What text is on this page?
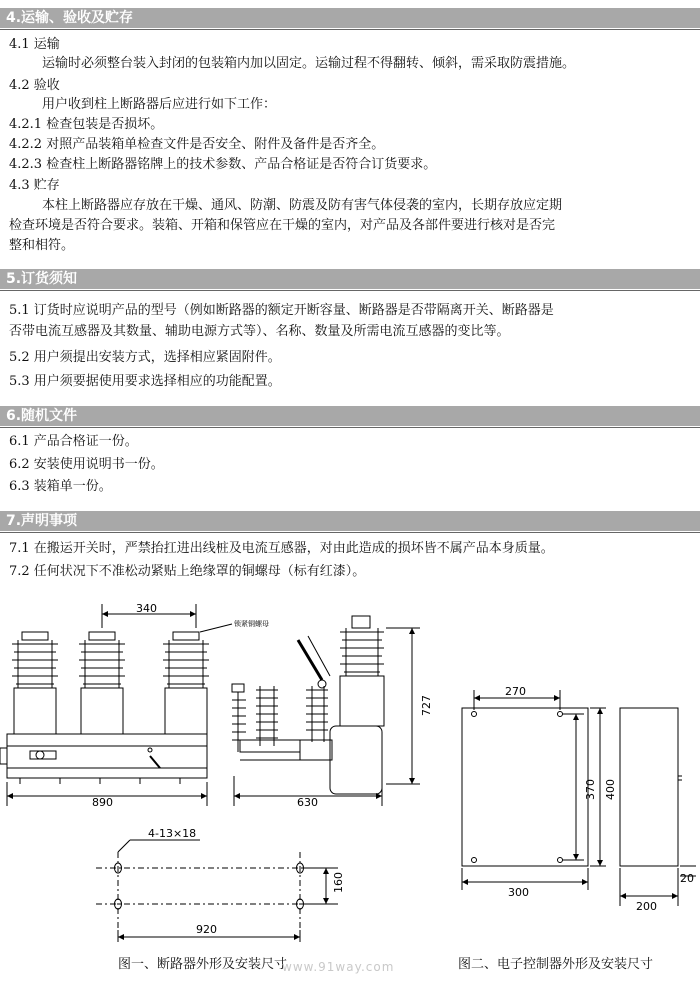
4.运输、验收及贮存
4.1 运输
运输时必须整台装入封闭的包装箱内加以固定。运输过程不得翻转、倾斜，需采取防震措施。
4.2 验收
用户收到柱上断路器后应进行如下工作：
4.2.1 检查包装是否损坏。
4.2.2 对照产品装箱单检查文件是否安全、附件及备件是否齐全。
4.2.3 检查柱上断路器铭牌上的技术参数、产品合格证是否符合订货要求。
4.3 贮存
本柱上断路器应存放在干燥、通风、防潮、防震及防有害气体侵袭的室内，长期存放应定期
检查环境是否符合要求。装箱、开箱和保管应在干燥的室内，对产品及各部件要进行核对是否完
整和相符。
5.订货须知
5.1 订货时应说明产品的型号（例如断路器的额定开断容量、断路器是否带隔离开关、断路器是
否带电流互感器及其数量、辅助电源方式等）、名称、数量及所需电流互感器的变比等。
5.2 用户须提出安装方式，选择相应紧固附件。
5.3 用户须要据使用要求选择相应的功能配置。
6.随机文件
6.1 产品合格证一份。
6.2 安装使用说明书一份。
6.3 装箱单一份。
7.声明事项
7.1 在搬运开关时，严禁抬扛进出线桩及电流互感器，对由此造成的损坏皆不属产品本身质量。
7.2 任何状况下不准松动紧贴上绝缘罩的铜螺母（标有红漆）。
340
890	630
727
4-13×18
160
920
锁紧铜螺母
270
370 400
300
200
20
图一、断路器外形及安装尺寸
www.91way.com	图二、电子控制器外形及安装尺寸
